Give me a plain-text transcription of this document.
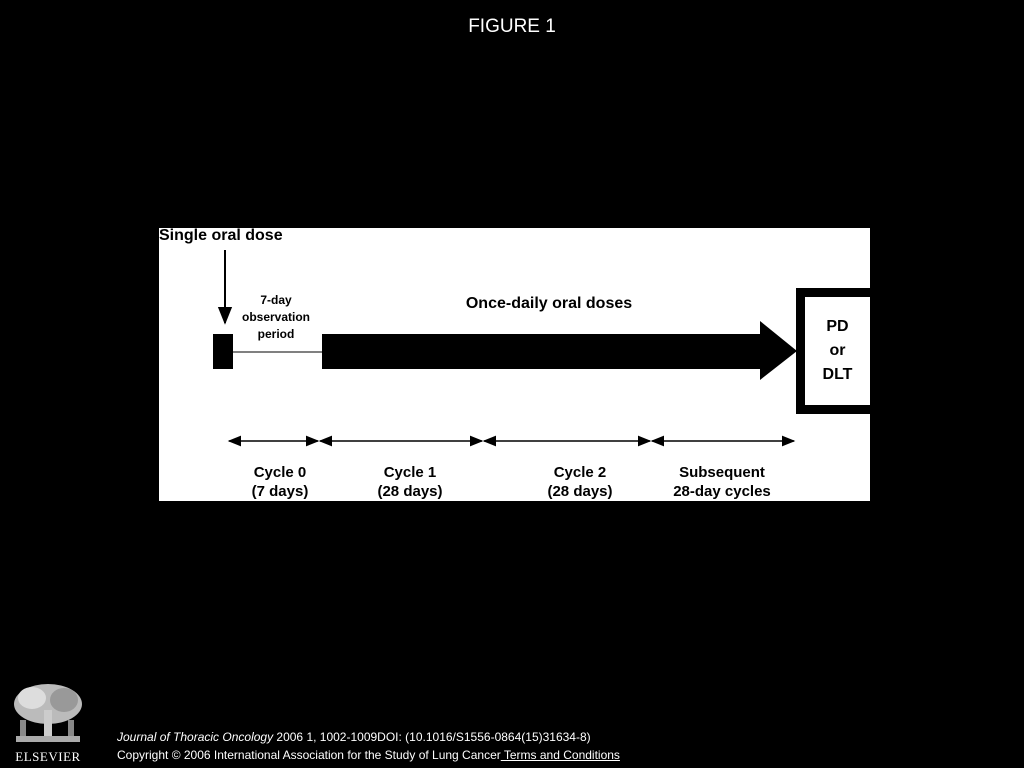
FIGURE 1
Single oral dose
7-day
observation
period
Once-daily oral doses
Cycle 0
(7 days)
Cycle 1
(28 days)
Cycle 2
(28 days)
Subsequent
28-day cycles
PD
or
DLT
ELSEVIER
Journal of Thoracic Oncology 2006 1, 1002-1009DOI: (10.1016/S1556-0864(15)31634-8)
Copyright © 2006 International Association for the Study of Lung Cancer Terms and Conditions
